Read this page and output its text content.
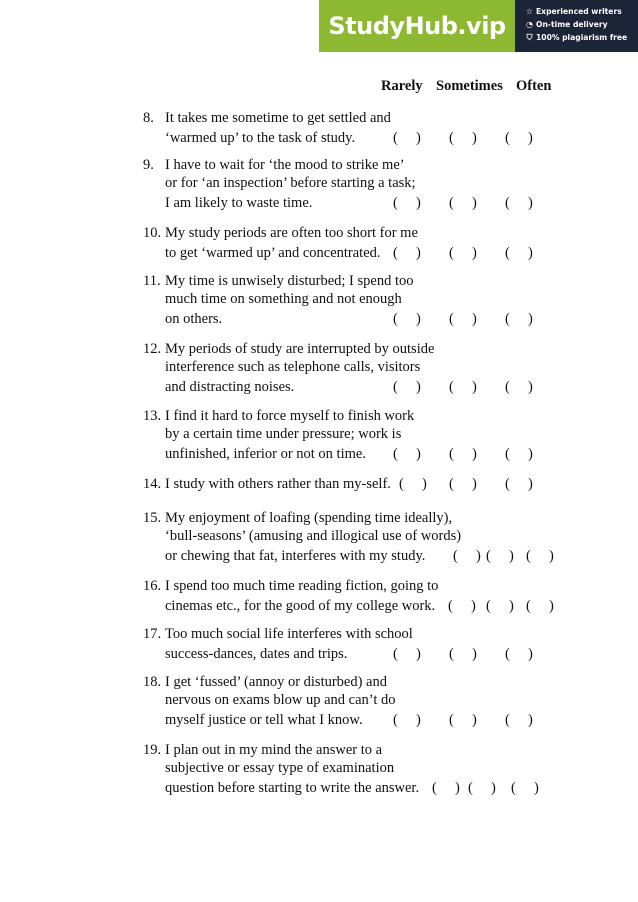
StudyHub.vip
☆ Experienced writers
◔ On-time delivery
⛉ 100% plagiarism free
Rarely Sometimes Often
8. It takes me sometime to get settled and
‘warmed up’ to the task of study.	(     ) (     ) (     )
9. I have to wait for ‘the mood to strike me’
or for ‘an inspection’ before starting a task;
I am likely to waste time.	(     ) (     ) (     )
10. My study periods are often too short for me
to get ‘warmed up’ and concentrated. (     ) (     ) (     )
11. My time is unwisely disturbed; I spend too
much time on something and not enough
on others.	(     ) (     ) (     )
12. My periods of study are interrupted by outside
interference such as telephone calls, visitors
and distracting noises.	(     ) (     ) (     )
13. I find it hard to force myself to finish work
by a certain time under pressure; work is
unfinished, inferior or not on time. (     ) (     ) (     )
14. I study with others rather than my-self. (     ) (     ) (     )
15. My enjoyment of loafing (spending time ideally),
‘bull-seasons’ (amusing and illogical use of words)
or chewing that fat, interferes with my study. (     ) (     ) (     )
16. I spend too much time reading fiction, going to
cinemas etc., for the good of my college work. (     ) (     ) (     )
17. Too much social life interferes with school
success-dances, dates and trips.	(     ) (     ) (     )
18. I get ‘fussed’ (annoy or disturbed) and
nervous on exams blow up and can’t do
myself justice or tell what I know. (     ) (     ) (     )
19. I plan out in my mind the answer to a
subjective or essay type of examination
question before starting to write the answer. (     ) (     ) (     )
